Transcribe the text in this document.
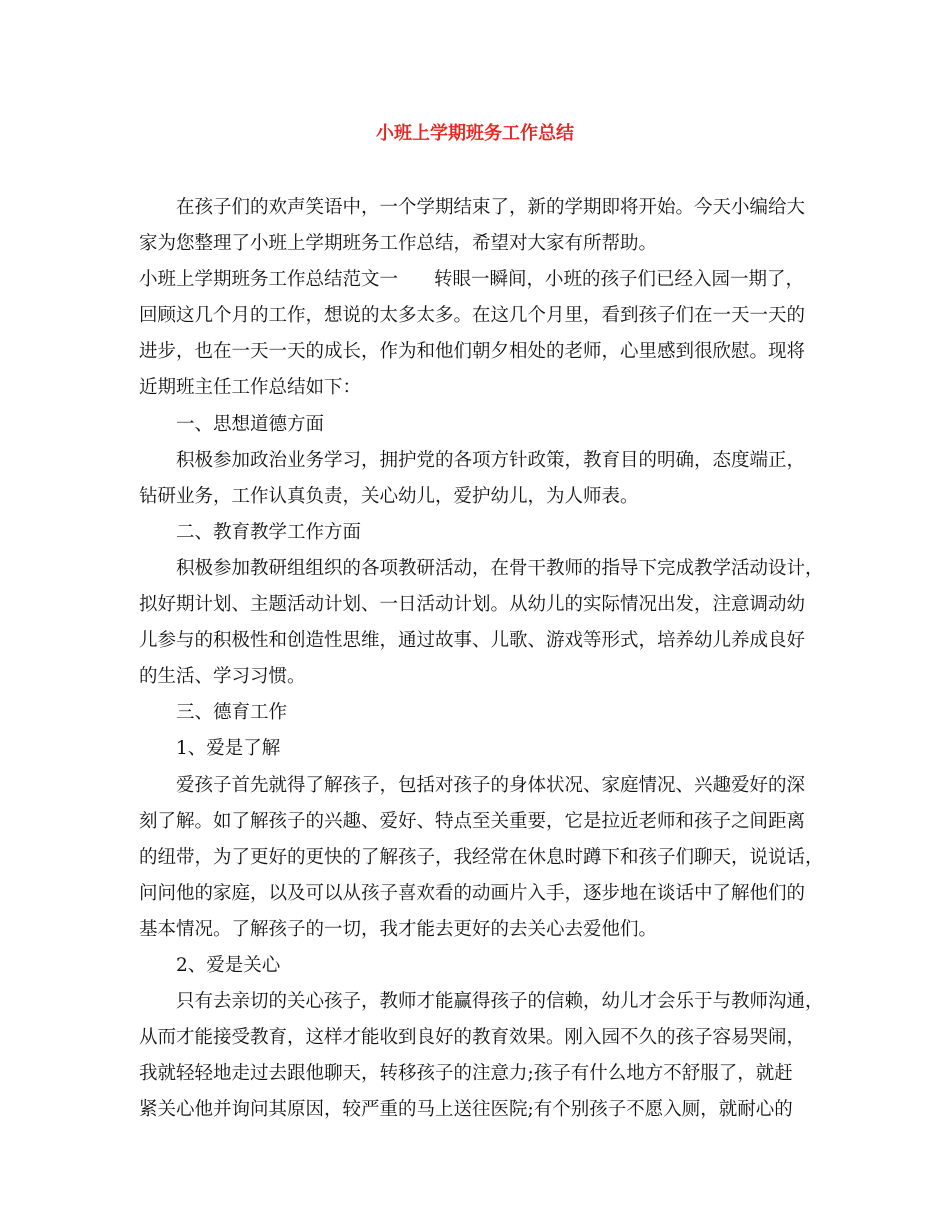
小班上学期班务工作总结
在孩子们的欢声笑语中，一个学期结束了，新的学期即将开始。今天小编给大
家为您整理了小班上学期班务工作总结，希望对大家有所帮助。
小班上学期班务工作总结范文一 转眼一瞬间，小班的孩子们已经入园一期了，
回顾这几个月的工作，想说的太多太多。在这几个月里，看到孩子们在一天一天的
进步，也在一天一天的成长，作为和他们朝夕相处的老师，心里感到很欣慰。现将
近期班主任工作总结如下：
一、思想道德方面
积极参加政治业务学习，拥护党的各项方针政策，教育目的明确，态度端正，
钻研业务，工作认真负责，关心幼儿，爱护幼儿，为人师表。
二、教育教学工作方面
积极参加教研组组织的各项教研活动，在骨干教师的指导下完成教学活动设计，
拟好期计划、主题活动计划、一日活动计划。从幼儿的实际情况出发，注意调动幼
儿参与的积极性和创造性思维，通过故事、儿歌、游戏等形式，培养幼儿养成良好
的生活、学习习惯。
三、德育工作
1、爱是了解
爱孩子首先就得了解孩子，包括对孩子的身体状况、家庭情况、兴趣爱好的深
刻了解。如了解孩子的兴趣、爱好、特点至关重要，它是拉近老师和孩子之间距离
的纽带，为了更好的更快的了解孩子，我经常在休息时蹲下和孩子们聊天，说说话，
问问他的家庭，以及可以从孩子喜欢看的动画片入手，逐步地在谈话中了解他们的
基本情况。了解孩子的一切，我才能去更好的去关心去爱他们。
2、爱是关心
只有去亲切的关心孩子，教师才能赢得孩子的信赖，幼儿才会乐于与教师沟通，
从而才能接受教育，这样才能收到良好的教育效果。刚入园不久的孩子容易哭闹，
我就轻轻地走过去跟他聊天，转移孩子的注意力;孩子有什么地方不舒服了，就赶
紧关心他并询问其原因，较严重的马上送往医院;有个别孩子不愿入厕，就耐心的
